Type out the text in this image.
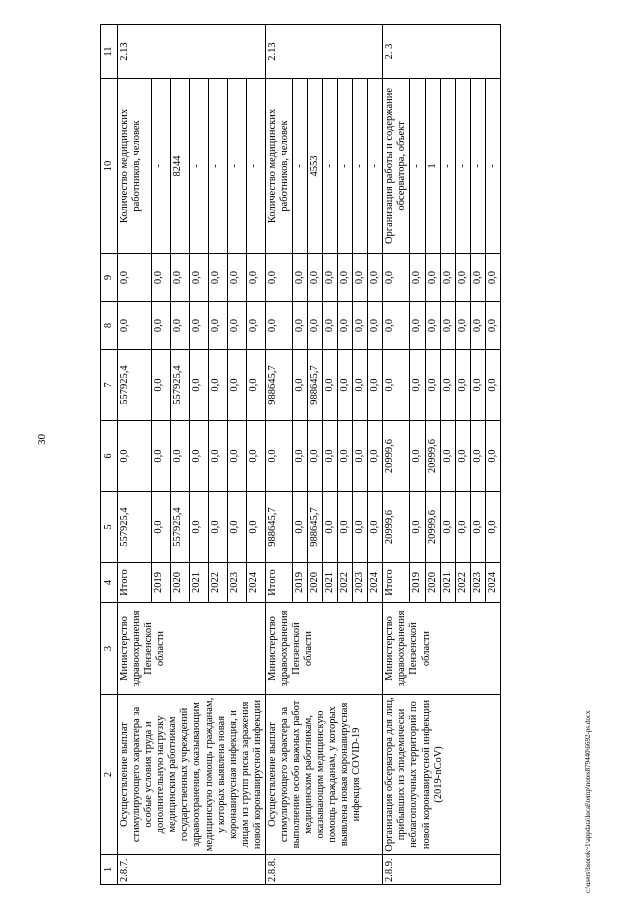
30
1	2	3	4	5	6	7	8	9	10	11
2.8.7.	Осуществление выплат стимулирующего характера за особые условия труда и дополнительную нагрузку медицинским работникам государственных учреждений здравоохранения, оказывающим медицинскую помощь гражданам, у которых выявлена новая коронавирусная инфекция, и лицам из групп риска заражения новой коронавирусной инфекции	Министерство здравоохранения Пензенской области	Итого	557925,4	0,0	557925,4	0,0	0,0	Количество медицинских работников, человек	2.13
			2019	0,0	0,0	0,0	0,0	0,0	-	
			2020	557925,4	0,0	557925,4	0,0	0,0	8244	
			2021	0,0	0,0	0,0	0,0	0,0	-	
			2022	0,0	0,0	0,0	0,0	0,0	-	
			2023	0,0	0,0	0,0	0,0	0,0	-	
			2024	0,0	0,0	0,0	0,0	0,0	-	
2.8.8.	Осуществление выплат стимулирующего характера за выполнение особо важных работ медицинским работникам, оказывающим медицинскую помощь гражданам, у которых выявлена новая коронавирусная инфекция COVID-19	Министерство здравоохранения Пензенской области	Итого	988645,7	0,0	988645,7	0,0	0,0	Количество медицинских работников, человек	2.13
			2019	0,0	0,0	0,0	0,0	0,0	-	
			2020	988645,7	0,0	988645,7	0,0	0,0	4553	
			2021	0,0	0,0	0,0	0,0	0,0	-	
			2022	0,0	0,0	0,0	0,0	0,0	-	
			2023	0,0	0,0	0,0	0,0	0,0	-	
			2024	0,0	0,0	0,0	0,0	0,0	-	
2.8.9.	Организация обсерватора для лиц, прибывших из эпидемически неблагополучных территорий по новой коронавирусной инфекции (2019-nCoV)	Министерство здравоохранения Пензенской области	Итого	20999,6	20999,6	0,0	0,0	0,0	Организация работы и содержание обсерватора, объект	2. 3
			2019	0,0	0,0	0,0	0,0	0,0	-	
			2020	20999,6	20999,6	0,0	0,0	0,0	1	
			2021	0,0	0,0	0,0	0,0	0,0	-	
			2022	0,0	0,0	0,0	0,0	0,0	-	
			2023	0,0	0,0	0,0	0,0	0,0	-	
			2024	0,0	0,0	0,0	0,0	0,0	-	
c:\users\bsorok~1\appdata\local\temp\notes879440\6692-ps.docx
